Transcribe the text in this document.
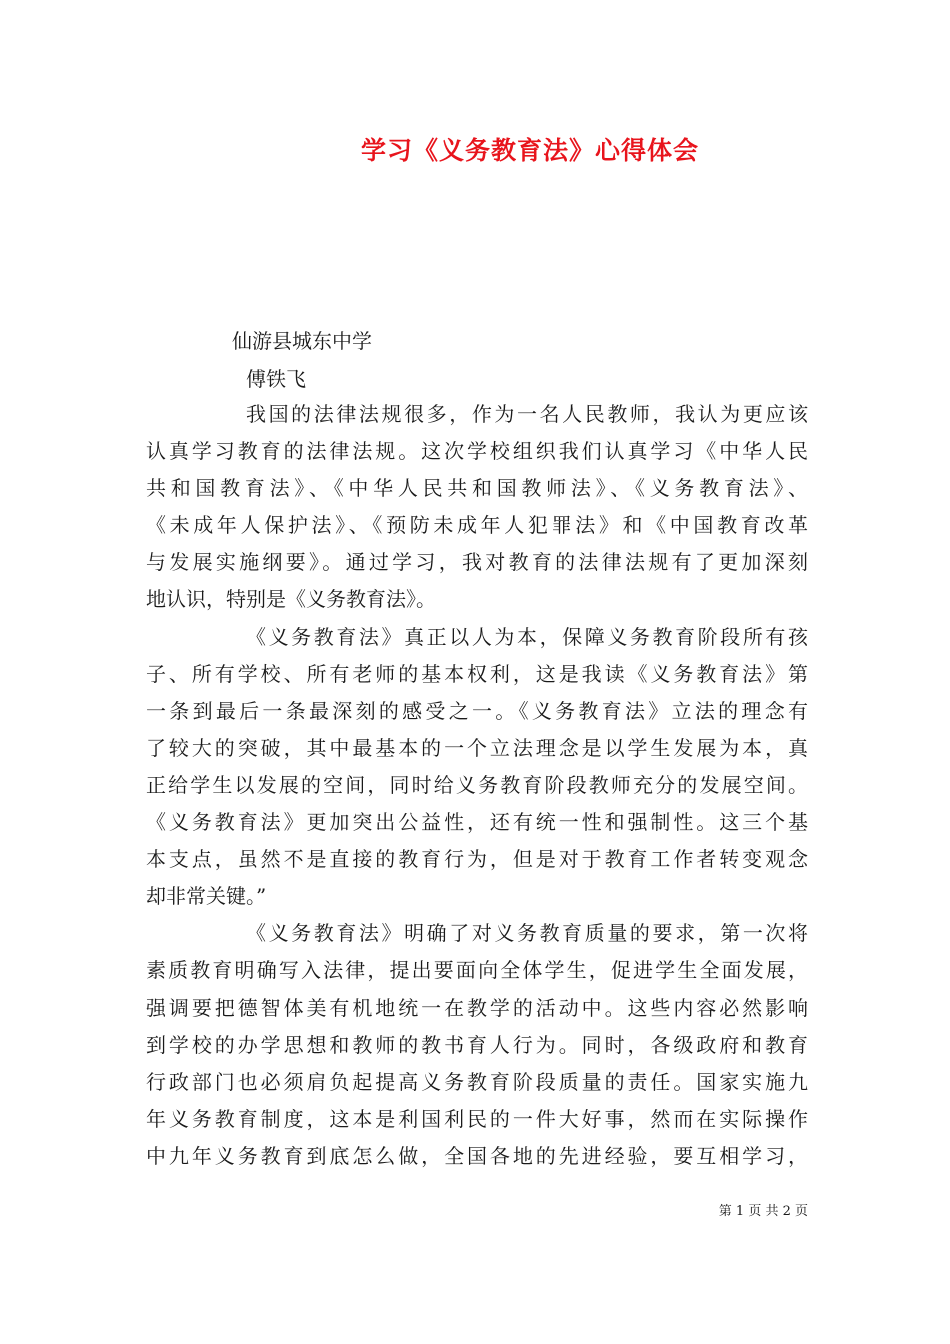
学习《义务教育法》心得体会
仙游县城东中学
傅铁飞

我国的法律法规很多，作为一名人民教师，我认为更应该
认真学习教育的法律法规。这次学校组织我们认真学习《中华人民
共和国教育法》、《中华人民共和国教师法》、《义务教育法》、
《未成年人保护法》、《预防未成年人犯罪法》和《中国教育改革
与发展实施纲要》。通过学习，我对教育的法律法规有了更加深刻
地认识，特别是《义务教育法》。

《义务教育法》真正以人为本，保障义务教育阶段所有孩
子、所有学校、所有老师的基本权利，这是我读《义务教育法》第
一条到最后一条最深刻的感受之一。《义务教育法》立法的理念有
了较大的突破，其中最基本的一个立法理念是以学生发展为本，真
正给学生以发展的空间，同时给义务教育阶段教师充分的发展空间。
《义务教育法》更加突出公益性，还有统一性和强制性。这三个基
本支点，虽然不是直接的教育行为，但是对于教育工作者转变观念
却非常关键。”

《义务教育法》明确了对义务教育质量的要求，第一次将
素质教育明确写入法律，提出要面向全体学生，促进学生全面发展，
强调要把德智体美有机地统一在教学的活动中。这些内容必然影响
到学校的办学思想和教师的教书育人行为。同时，各级政府和教育
行政部门也必须肩负起提高义务教育阶段质量的责任。国家实施九
年义务教育制度，这本是利国利民的一件大好事，然而在实际操作
中九年义务教育到底怎么做，全国各地的先进经验，要互相学习，

第 1 页 共 2 页
